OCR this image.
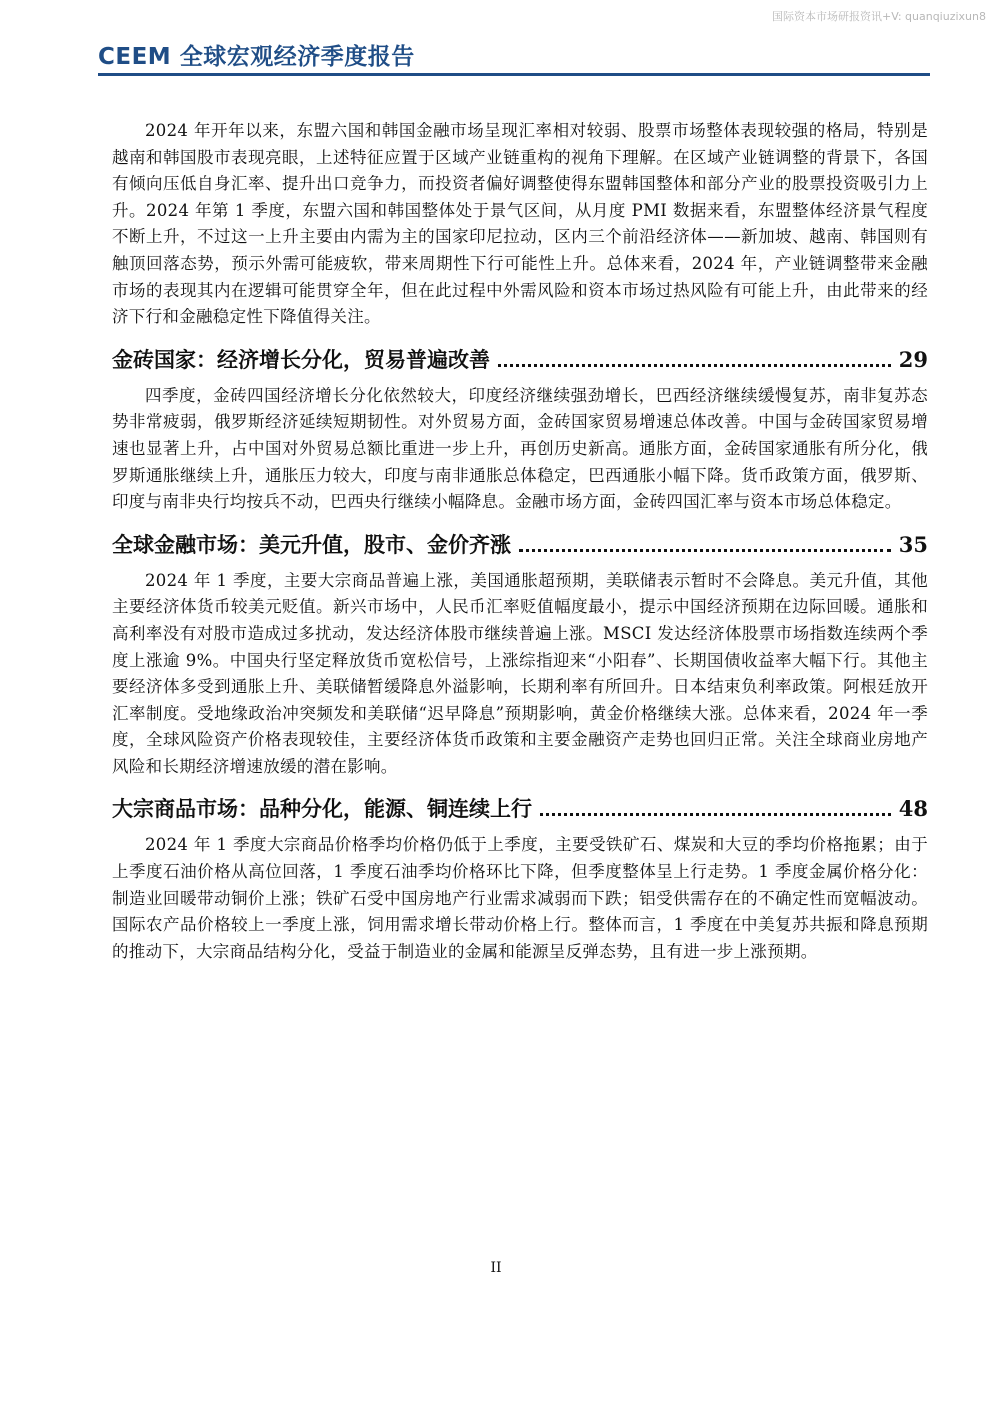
国际资本市场研报资讯+V: quanqiuzixun8
CEEM 全球宏观经济季度报告

2024 年开年以来，东盟六国和韩国金融市场呈现汇率相对较弱、股票市场整体表现较强的格局，特别是越南和韩国股市表现亮眼，上述特征应置于区域产业链重构的视角下理解。在区域产业链调整的背景下，各国有倾向压低自身汇率、提升出口竞争力，而投资者偏好调整使得东盟韩国整体和部分产业的股票投资吸引力上升。2024 年第 1 季度，东盟六国和韩国整体处于景气区间，从月度 PMI 数据来看，东盟整体经济景气程度不断上升，不过这一上升主要由内需为主的国家印尼拉动，区内三个前沿经济体——新加坡、越南、韩国则有触顶回落态势，预示外需可能疲软，带来周期性下行可能性上升。总体来看，2024 年，产业链调整带来金融市场的表现其内在逻辑可能贯穿全年，但在此过程中外需风险和资本市场过热风险有可能上升，由此带来的经济下行和金融稳定性下降值得关注。

金砖国家：经济增长分化，贸易普遍改善	29

四季度，金砖四国经济增长分化依然较大，印度经济继续强劲增长，巴西经济继续缓慢复苏，南非复苏态势非常疲弱，俄罗斯经济延续短期韧性。对外贸易方面，金砖国家贸易增速总体改善。中国与金砖国家贸易增速也显著上升，占中国对外贸易总额比重进一步上升，再创历史新高。通胀方面，金砖国家通胀有所分化，俄罗斯通胀继续上升，通胀压力较大，印度与南非通胀总体稳定，巴西通胀小幅下降。货币政策方面，俄罗斯、印度与南非央行均按兵不动，巴西央行继续小幅降息。金融市场方面，金砖四国汇率与资本市场总体稳定。

全球金融市场：美元升值，股市、金价齐涨	35

2024 年 1 季度，主要大宗商品普遍上涨，美国通胀超预期，美联储表示暂时不会降息。美元升值，其他主要经济体货币较美元贬值。新兴市场中，人民币汇率贬值幅度最小，提示中国经济预期在边际回暖。通胀和高利率没有对股市造成过多扰动，发达经济体股市继续普遍上涨。MSCI 发达经济体股票市场指数连续两个季度上涨逾 9%。中国央行坚定释放货币宽松信号，上涨综指迎来“小阳春”、长期国债收益率大幅下行。其他主要经济体多受到通胀上升、美联储暂缓降息外溢影响，长期利率有所回升。日本结束负利率政策。阿根廷放开汇率制度。受地缘政治冲突频发和美联储“迟早降息”预期影响，黄金价格继续大涨。总体来看，2024 年一季度，全球风险资产价格表现较佳，主要经济体货币政策和主要金融资产走势也回归正常。关注全球商业房地产风险和长期经济增速放缓的潜在影响。

大宗商品市场：品种分化，能源、铜连续上行	48

2024 年 1 季度大宗商品价格季均价格仍低于上季度，主要受铁矿石、煤炭和大豆的季均价格拖累；由于上季度石油价格从高位回落，1 季度石油季均价格环比下降，但季度整体呈上行走势。1 季度金属价格分化：制造业回暖带动铜价上涨；铁矿石受中国房地产行业需求减弱而下跌；铝受供需存在的不确定性而宽幅波动。国际农产品价格较上一季度上涨，饲用需求增长带动价格上行。整体而言，1 季度在中美复苏共振和降息预期的推动下，大宗商品结构分化，受益于制造业的金属和能源呈反弹态势，且有进一步上涨预期。

II
